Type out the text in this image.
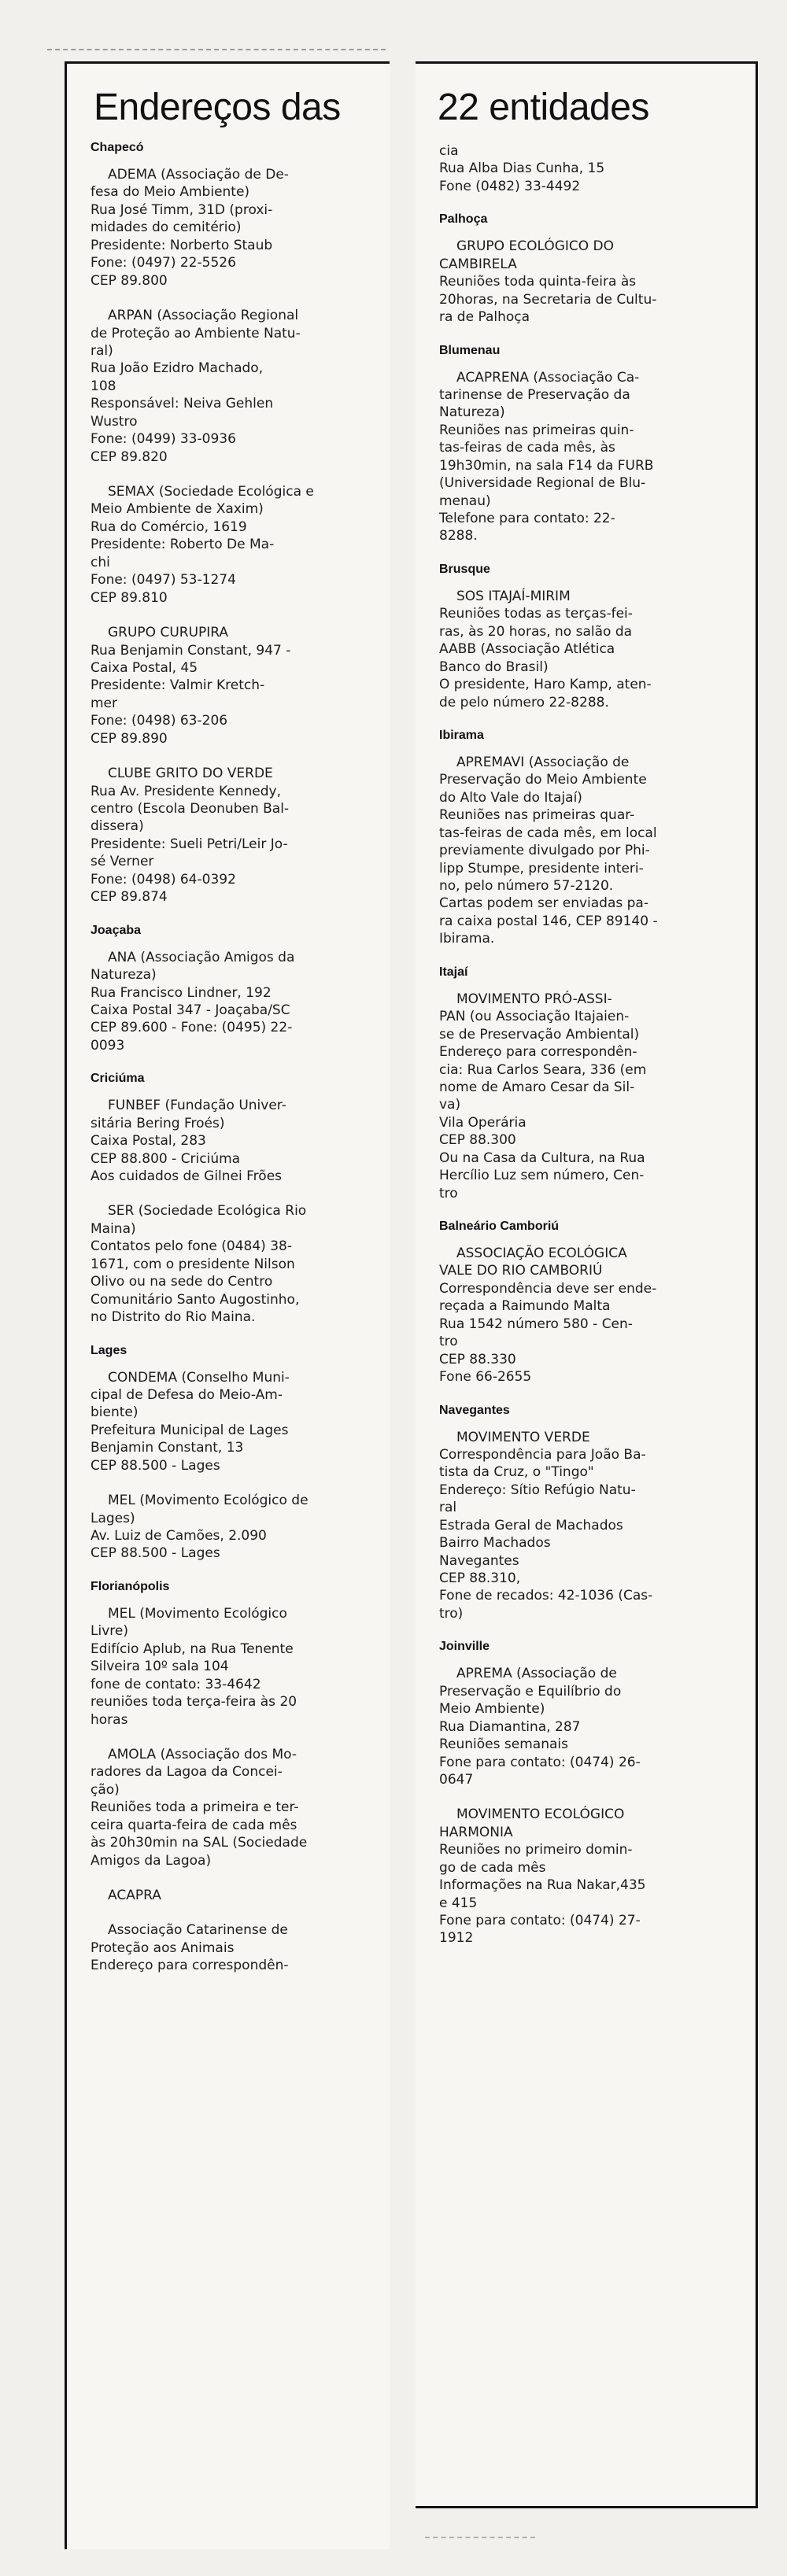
Endereços das
Chapecó
ADEMA (Associação de De-
fesa do Meio Ambiente)
Rua José Timm, 31D (proxi-
midades do cemitério)
Presidente: Norberto Staub
Fone: (0497) 22-5526
CEP 89.800
ARPAN (Associação Regional
de Proteção ao Ambiente Natu-
ral)
Rua João Ezidro Machado,
108
Responsável: Neiva Gehlen
Wustro
Fone: (0499) 33-0936
CEP 89.820
SEMAX (Sociedade Ecológica e
Meio Ambiente de Xaxim)
Rua do Comércio, 1619
Presidente: Roberto De Ma-
chi
Fone: (0497) 53-1274
CEP 89.810
GRUPO CURUPIRA
Rua Benjamin Constant, 947 -
Caixa Postal, 45
Presidente: Valmir Kretch-
mer
Fone: (0498) 63-206
CEP 89.890
CLUBE GRITO DO VERDE
Rua Av. Presidente Kennedy,
centro (Escola Deonuben Bal-
dissera)
Presidente: Sueli Petri/Leir Jo-
sé Verner
Fone: (0498) 64-0392
CEP 89.874
Joaçaba
ANA (Associação Amigos da
Natureza)
Rua Francisco Lindner, 192
Caixa Postal 347 - Joaçaba/SC
CEP 89.600 - Fone: (0495) 22-
0093
Criciúma
FUNBEF (Fundação Univer-
sitária Bering Froés)
Caixa Postal, 283
CEP 88.800 - Criciúma
Aos cuidados de Gilnei Frões
SER (Sociedade Ecológica Rio
Maina)
Contatos pelo fone (0484) 38-
1671, com o presidente Nilson
Olivo ou na sede do Centro
Comunitário Santo Augostinho,
no Distrito do Rio Maina.
Lages
CONDEMA (Conselho Muni-
cipal de Defesa do Meio-Am-
biente)
Prefeitura Municipal de Lages
Benjamin Constant, 13
CEP 88.500 - Lages
MEL (Movimento Ecológico de
Lages)
Av. Luiz de Camões, 2.090
CEP 88.500 - Lages
Florianópolis
MEL (Movimento Ecológico
Livre)
Edifício Aplub, na Rua Tenente
Silveira 10º sala 104
fone de contato: 33-4642
reuniões toda terça-feira às 20
horas
AMOLA (Associação dos Mo-
radores da Lagoa da Concei-
ção)
Reuniões toda a primeira e ter-
ceira quarta-feira de cada mês
às 20h30min na SAL (Sociedade
Amigos da Lagoa)
ACAPRA
Associação Catarinense de
Proteção aos Animais
Endereço para correspondên-
22 entidades
cia
Rua Alba Dias Cunha, 15
Fone (0482) 33-4492
Palhoça
GRUPO ECOLÓGICO DO
CAMBIRELA
Reuniões toda quinta-feira às
20horas, na Secretaria de Cultu-
ra de Palhoça
Blumenau
ACAPRENA (Associação Ca-
tarinense de Preservação da
Natureza)
Reuniões nas primeiras quin-
tas-feiras de cada mês, às
19h30min, na sala F14 da FURB
(Universidade Regional de Blu-
menau)
Telefone para contato: 22-
8288.
Brusque
SOS ITAJAÍ-MIRIM
Reuniões todas as terças-fei-
ras, às 20 horas, no salão da
AABB (Associação Atlética
Banco do Brasil)
O presidente, Haro Kamp, aten-
de pelo número 22-8288.
Ibirama
APREMAVI (Associação de
Preservação do Meio Ambiente
do Alto Vale do Itajaí)
Reuniões nas primeiras quar-
tas-feiras de cada mês, em local
previamente divulgado por Phi-
lipp Stumpe, presidente interi-
no, pelo número 57-2120.
Cartas podem ser enviadas pa-
ra caixa postal 146, CEP 89140 -
Ibirama.
Itajaí
MOVIMENTO PRÓ-ASSI-
PAN (ou Associação Itajaien-
se de Preservação Ambiental)
Endereço para correspondên-
cia: Rua Carlos Seara, 336 (em
nome de Amaro Cesar da Sil-
va)
Vila Operária
CEP 88.300
Ou na Casa da Cultura, na Rua
Hercílio Luz sem número, Cen-
tro
Balneário Camboriú
ASSOCIAÇÃO ECOLÓGICA
VALE DO RIO CAMBORIÚ
Correspondência deve ser ende-
reçada a Raimundo Malta
Rua 1542 número 580 - Cen-
tro
CEP 88.330
Fone 66-2655
Navegantes
MOVIMENTO VERDE
Correspondência para João Ba-
tista da Cruz, o "Tingo"
Endereço: Sítio Refúgio Natu-
ral
Estrada Geral de Machados
Bairro Machados
Navegantes
CEP 88.310,
Fone de recados: 42-1036 (Cas-
tro)
Joinville
APREMA (Associação de
Preservação e Equilíbrio do
Meio Ambiente)
Rua Diamantina, 287
Reuniões semanais
Fone para contato: (0474) 26-
0647
MOVIMENTO ECOLÓGICO
HARMONIA
Reuniões no primeiro domin-
go de cada mês
Informações na Rua Nakar,435
e 415
Fone para contato: (0474) 27-
1912
